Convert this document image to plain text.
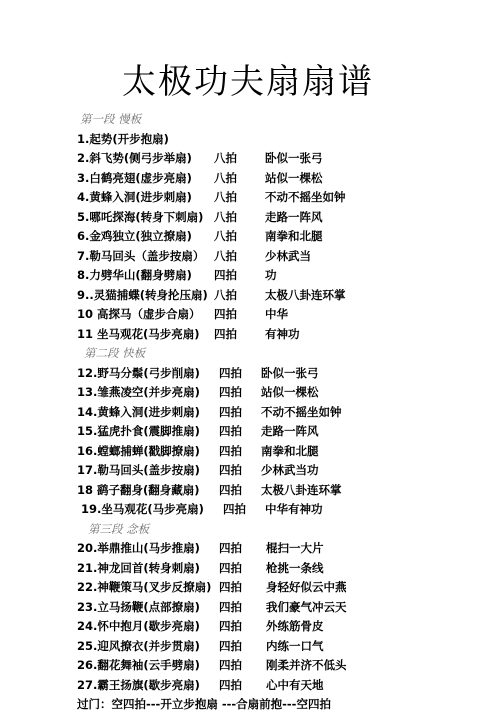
太极功夫扇扇谱
第一段 慢板
1.起势(开步抱扇)
2.斜飞势(侧弓步举扇) 八拍 卧似一张弓
3.白鹤亮翅(虚步亮扇) 八拍 站似一棵松
4.黄蜂入洞(进步刺扇) 八拍 不动不摇坐如钟
5.哪吒探海(转身下刺扇) 八拍 走路一阵风
6.金鸡独立(独立撩扇) 八拍 南拳和北腿
7.勒马回头（盖步按扇） 八拍 少林武当
8.力劈华山(翻身劈扇) 四拍 功
9..灵猫捕蝶(转身抡压扇) 八拍 太极八卦连环掌
10 高探马（虚步合扇） 四拍 中华
11 坐马观花(马步亮扇) 四拍 有神功
第二段 快板
12.野马分鬃(弓步削扇) 四拍 卧似一张弓
13.雏燕凌空(并步亮扇) 四拍 站似一棵松
14.黄蜂入洞(进步刺扇) 四拍 不动不摇坐如钟
15.猛虎扑食(震脚推扇) 四拍 走路一阵风
16.螳螂捕蝉(戳脚撩扇) 四拍 南拳和北腿
17.勒马回头(盖步按扇) 四拍 少林武当功
18 鹞子翻身(翻身藏扇) 四拍 太极八卦连环掌
19.坐马观花(马步亮扇) 四拍 中华有神功
第三段 念板
20.举鼎推山(马步推扇) 四拍 棍扫一大片
21.神龙回首(转身刺扇) 四拍 枪挑一条线
22.神鞭策马(叉步反撩扇) 四拍 身轻好似云中燕
23.立马扬鞭(点部撩扇) 四拍 我们豪气冲云天
24.怀中抱月(歇步亮扇) 四拍 外练筋骨皮
25.迎风撩衣(并步贯扇) 四拍 内练一口气
26.翻花舞袖(云手劈扇) 四拍 刚柔并济不低头
27.霸王扬旗(歇步亮扇) 四拍 心中有天地
过门：空四拍---开立步抱扇 ---合扇前抱---空四拍
